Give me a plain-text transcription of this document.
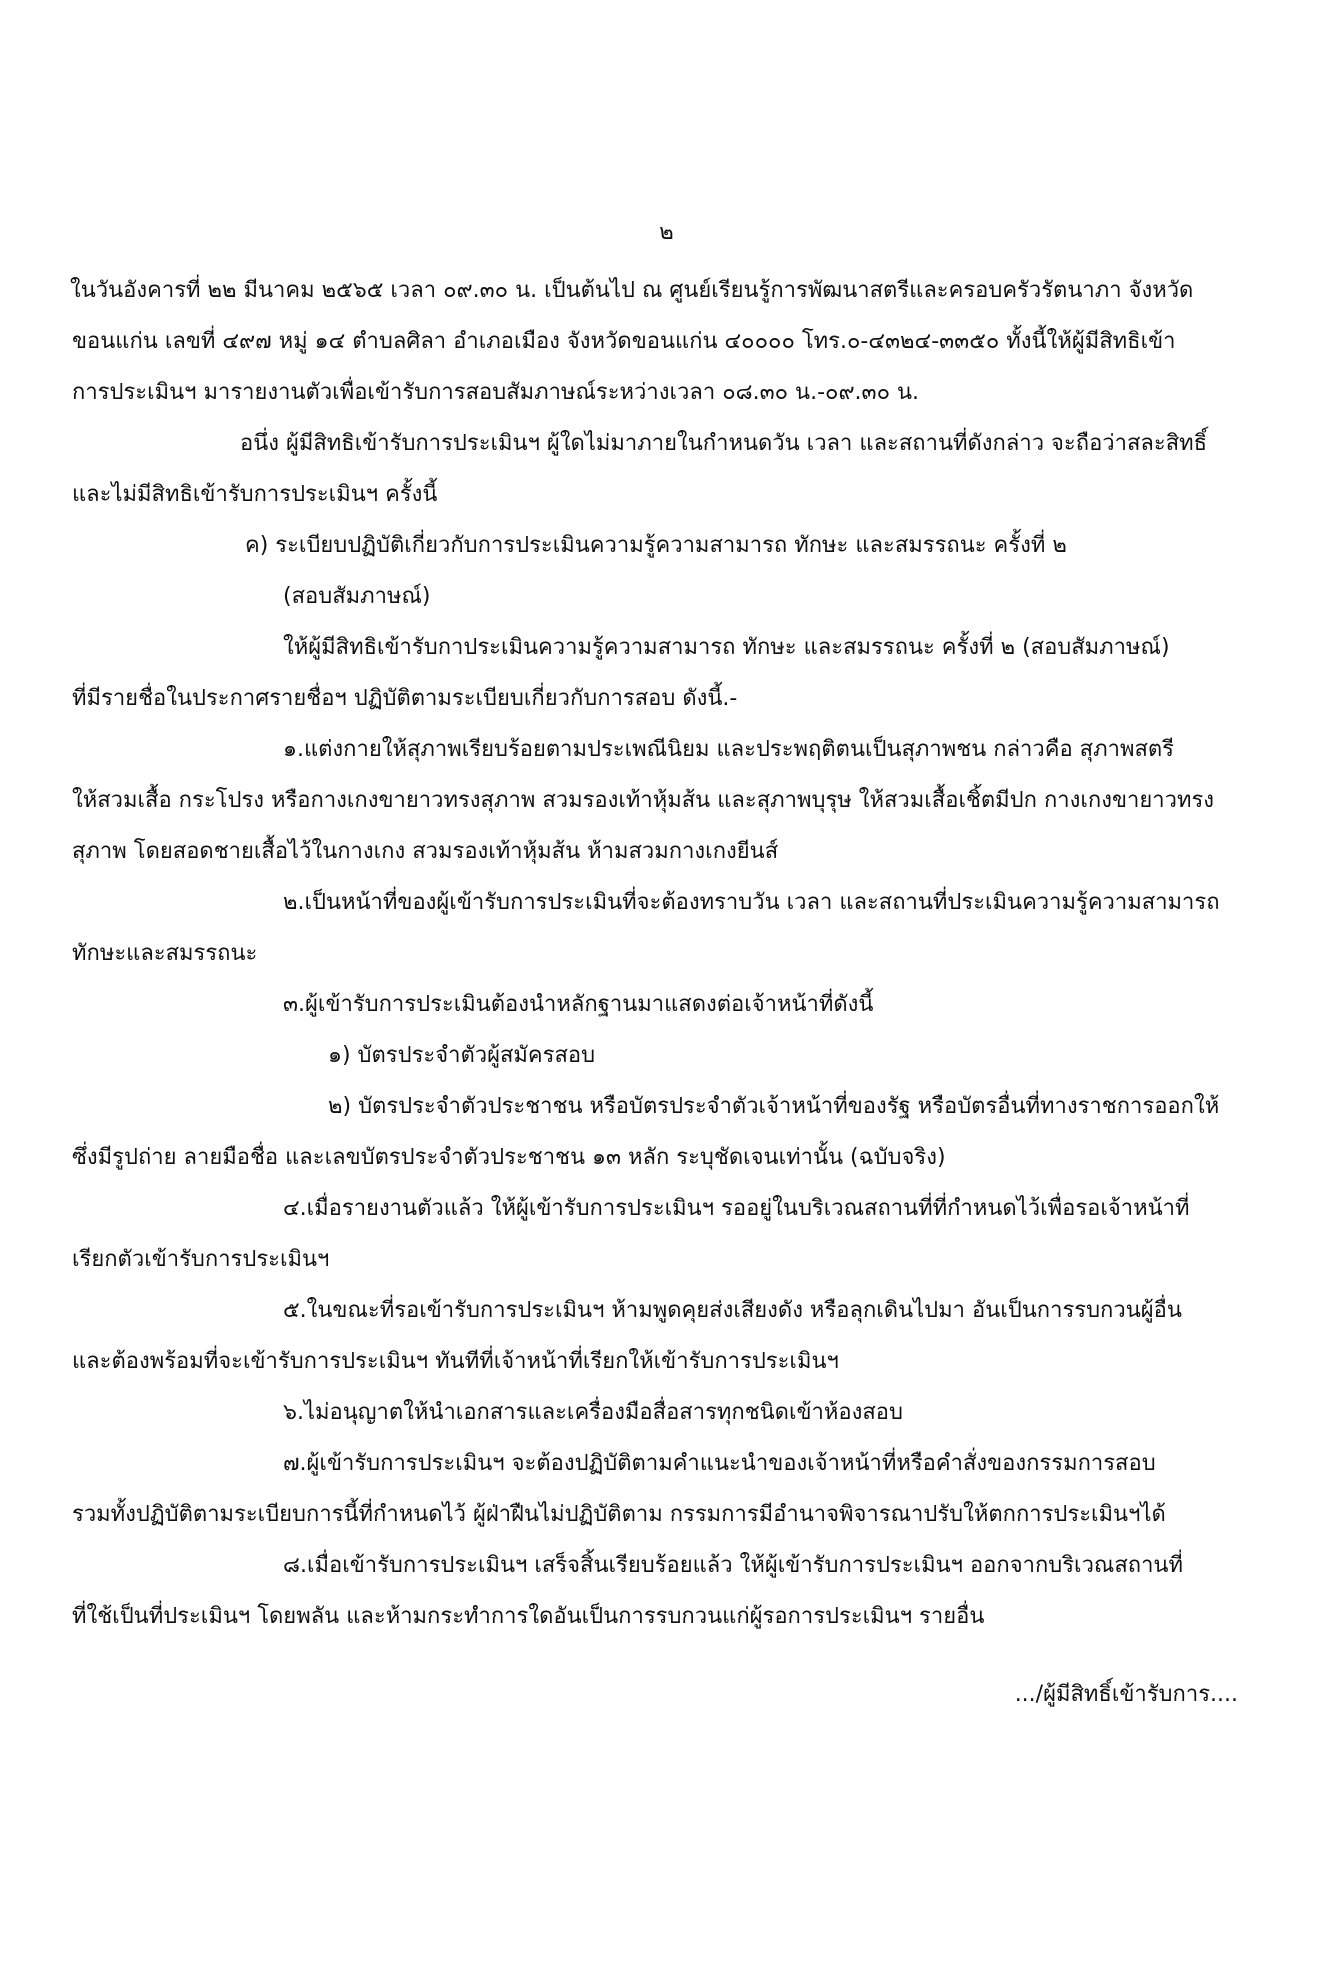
๒
ในวันอังคารที่ ๒๒ มีนาคม ๒๕๖๕ เวลา ๐๙.๓๐ น. เป็นต้นไป ณ ศูนย์เรียนรู้การพัฒนาสตรีและครอบครัวรัตนาภา จังหวัด
ขอนแก่น เลขที่ ๔๙๗ หมู่ ๑๔ ตำบลศิลา อำเภอเมือง จังหวัดขอนแก่น ๔๐๐๐๐ โทร.๐-๔๓๒๔-๓๓๕๐ ทั้งนี้ให้ผู้มีสิทธิเข้า
การประเมินฯ มารายงานตัวเพื่อเข้ารับการสอบสัมภาษณ์ระหว่างเวลา ๐๘.๓๐ น.-๐๙.๓๐ น.
อนึ่ง ผู้มีสิทธิเข้ารับการประเมินฯ ผู้ใดไม่มาภายในกำหนดวัน เวลา และสถานที่ดังกล่าว จะถือว่าสละสิทธิ์
และไม่มีสิทธิเข้ารับการประเมินฯ ครั้งนี้
ค) ระเบียบปฏิบัติเกี่ยวกับการประเมินความรู้ความสามารถ ทักษะ และสมรรถนะ ครั้งที่ ๒
(สอบสัมภาษณ์)
ให้ผู้มีสิทธิเข้ารับกาประเมินความรู้ความสามารถ ทักษะ และสมรรถนะ ครั้งที่ ๒ (สอบสัมภาษณ์)
ที่มีรายชื่อในประกาศรายชื่อฯ ปฏิบัติตามระเบียบเกี่ยวกับการสอบ ดังนี้.-
๑.แต่งกายให้สุภาพเรียบร้อยตามประเพณีนิยม และประพฤติตนเป็นสุภาพชน กล่าวคือ สุภาพสตรี
ให้สวมเสื้อ กระโปรง หรือกางเกงขายาวทรงสุภาพ สวมรองเท้าหุ้มส้น และสุภาพบุรุษ ให้สวมเสื้อเชิ้ตมีปก กางเกงขายาวทรง
สุภาพ โดยสอดชายเสื้อไว้ในกางเกง สวมรองเท้าหุ้มส้น ห้ามสวมกางเกงยีนส์
๒.เป็นหน้าที่ของผู้เข้ารับการประเมินที่จะต้องทราบวัน เวลา และสถานที่ประเมินความรู้ความสามารถ
ทักษะและสมรรถนะ
๓.ผู้เข้ารับการประเมินต้องนำหลักฐานมาแสดงต่อเจ้าหน้าที่ดังนี้
๑) บัตรประจำตัวผู้สมัครสอบ
๒) บัตรประจำตัวประชาชน หรือบัตรประจำตัวเจ้าหน้าที่ของรัฐ หรือบัตรอื่นที่ทางราชการออกให้
ซึ่งมีรูปถ่าย ลายมือชื่อ และเลขบัตรประจำตัวประชาชน ๑๓ หลัก ระบุชัดเจนเท่านั้น (ฉบับจริง)
๔.เมื่อรายงานตัวแล้ว ให้ผู้เข้ารับการประเมินฯ รออยู่ในบริเวณสถานที่ที่กำหนดไว้เพื่อรอเจ้าหน้าที่
เรียกตัวเข้ารับการประเมินฯ
๕.ในขณะที่รอเข้ารับการประเมินฯ ห้ามพูดคุยส่งเสียงดัง หรือลุกเดินไปมา อันเป็นการรบกวนผู้อื่น
และต้องพร้อมที่จะเข้ารับการประเมินฯ ทันทีที่เจ้าหน้าที่เรียกให้เข้ารับการประเมินฯ
๖.ไม่อนุญาตให้นำเอกสารและเครื่องมือสื่อสารทุกชนิดเข้าห้องสอบ
๗.ผู้เข้ารับการประเมินฯ จะต้องปฏิบัติตามคำแนะนำของเจ้าหน้าที่หรือคำสั่งของกรรมการสอบ
รวมทั้งปฏิบัติตามระเบียบการนี้ที่กำหนดไว้ ผู้ฝ่าฝืนไม่ปฏิบัติตาม กรรมการมีอำนาจพิจารณาปรับให้ตกการประเมินฯได้
๘.เมื่อเข้ารับการประเมินฯ เสร็จสิ้นเรียบร้อยแล้ว ให้ผู้เข้ารับการประเมินฯ ออกจากบริเวณสถานที่
ที่ใช้เป็นที่ประเมินฯ โดยพลัน และห้ามกระทำการใดอันเป็นการรบกวนแก่ผู้รอการประเมินฯ รายอื่น
.../ผู้มีสิทธิ์เข้ารับการ....
